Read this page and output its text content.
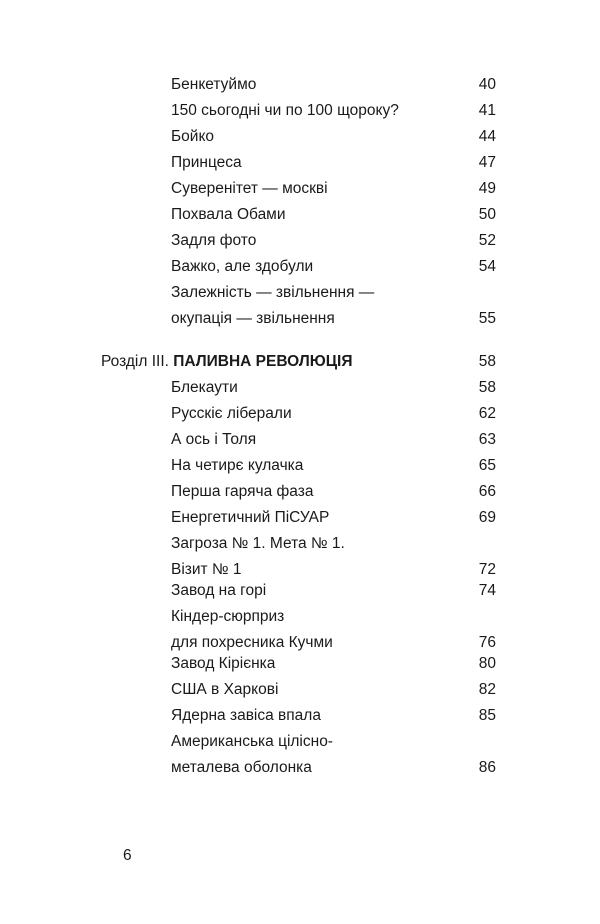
Бенкетуймо	40
150 сьогодні чи по 100 щороку?	41
Бойко	44
Принцеса	47
Суверенітет — москві	49
Похвала Обами	50
Задля фото	52
Важко, але здобули	54
Залежність — звільнення —
окупація — звільнення	55
Розділ III. ПАЛИВНА РЕВОЛЮЦІЯ	58
Блекаути	58
Русскіє ліберали	62
А ось і Толя	63
На чет​ирє кулачка	65
Перша гаряча фаза	66
Енергетичний ПіСУАР	69
Загроза № 1. Мета № 1.
Візит № 1	72
Завод на горі	74
Кіндер-сюрприз
для похресника Кучми	76
Завод Кірієнка	80
США в Харкові	82
Ядерна завіса впала	85
Американська цілісно-
металева оболонка	86
6
